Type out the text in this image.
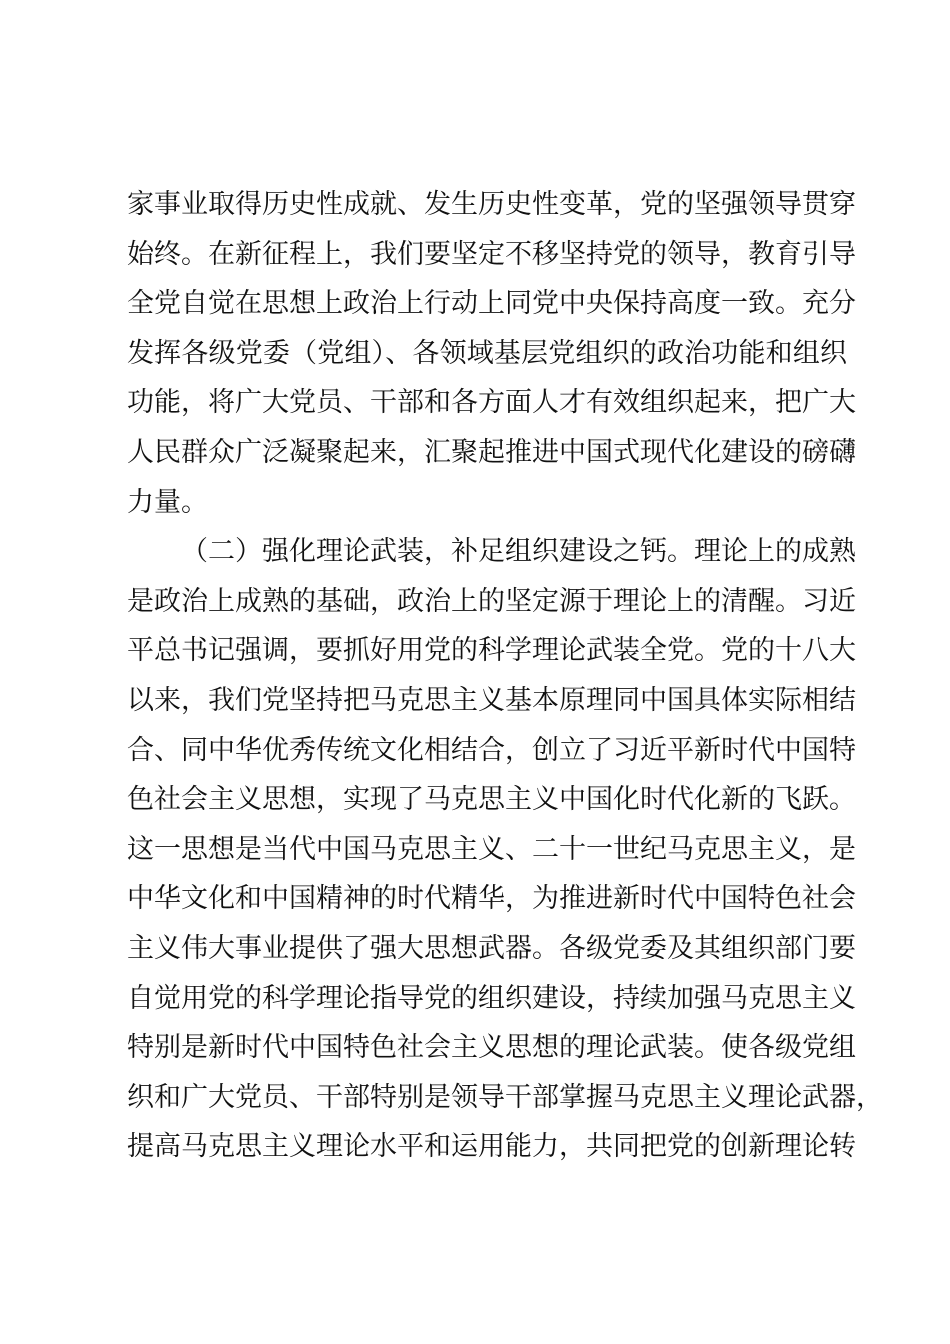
家事业取得历史性成就、发生历史性变革，党的坚强领导贯穿
始终。在新征程上，我们要坚定不移坚持党的领导，教育引导
全党自觉在思想上政治上行动上同党中央保持高度一致。充分
发挥各级党委（党组）、各领域基层党组织的政治功能和组织
功能，将广大党员、干部和各方面人才有效组织起来，把广大
人民群众广泛凝聚起来，汇聚起推进中国式现代化建设的磅礴
力量。
（二）强化理论武装，补足组织建设之钙。理论上的成熟
是政治上成熟的基础，政治上的坚定源于理论上的清醒。习近
平总书记强调，要抓好用党的科学理论武装全党。党的十八大
以来，我们党坚持把马克思主义基本原理同中国具体实际相结
合、同中华优秀传统文化相结合，创立了习近平新时代中国特
色社会主义思想，实现了马克思主义中国化时代化新的飞跃。
这一思想是当代中国马克思主义、二十一世纪马克思主义，是
中华文化和中国精神的时代精华，为推进新时代中国特色社会
主义伟大事业提供了强大思想武器。各级党委及其组织部门要
自觉用党的科学理论指导党的组织建设，持续加强马克思主义
特别是新时代中国特色社会主义思想的理论武装。使各级党组
织和广大党员、干部特别是领导干部掌握马克思主义理论武器，
提高马克思主义理论水平和运用能力，共同把党的创新理论转
